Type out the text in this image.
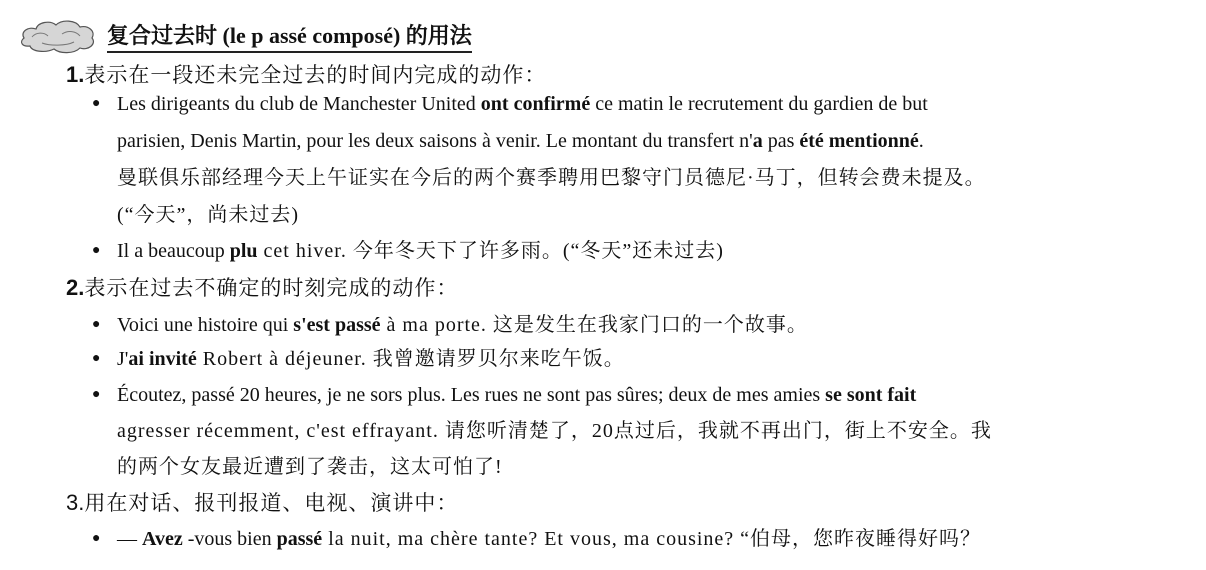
复合过去时 (le p assé composé) 的用法
1.表示在一段还未完全过去的时间内完成的动作：
● Les dirigeants du club de Manchester United ont confirmé ce matin le recrutement du gardien de but
parisien, Denis Martin, pour les deux saisons à venir. Le montant du transfert n'a pas été mentionné.
曼联俱乐部经理今天上午证实在今后的两个赛季聘用巴黎守门员德尼·马丁，但转会费未提及。
(“今天”，尚未过去)
● Il a beaucoup plu cet hiver. 今年冬天下了许多雨。(“冬天”还未过去)
2.表示在过去不确定的时刻完成的动作：
● Voici une histoire qui s'est passé à ma porte. 这是发生在我家门口的一个故事。
● J'ai invité Robert à déjeuner. 我曾邀请罗贝尔来吃午饭。
● Écoutez, passé 20 heures, je ne sors plus. Les rues ne sont pas sûres; deux de mes amies se sont fait
agresser récemment, c'est effrayant. 请您听清楚了，20点过后，我就不再出门，街上不安全。我
的两个女友最近遭到了袭击，这太可怕了!
3.用在对话、报刊报道、电视、演讲中：
● — Avez -vous bien passé la nuit, ma chère tante? Et vous, ma cousine? “伯母，您昨夜睡得好吗？
